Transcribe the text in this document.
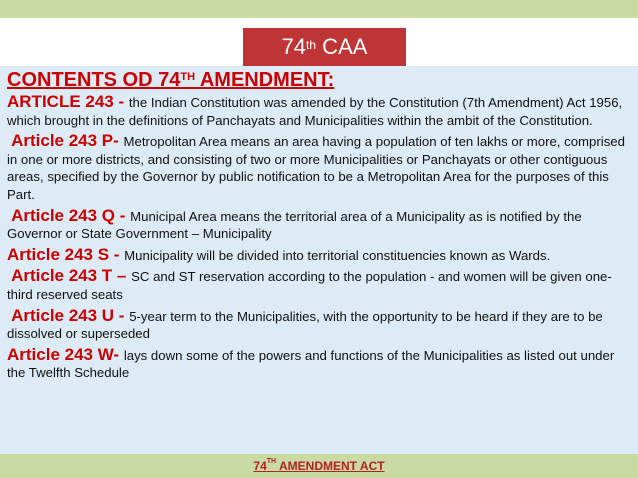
74th CAA
CONTENTS OD 74TH AMENDMENT:

ARTICLE 243 - the Indian Constitution was amended by the Constitution (7th Amendment) Act 1956, which brought in the definitions of Panchayats and Municipalities within the ambit of the Constitution.

Article 243 P- Metropolitan Area means an area having a population of ten lakhs or more, comprised in one or more districts, and consisting of two or more Municipalities or Panchayats or other contiguous areas, specified by the Governor by public notification to be a Metropolitan Area for the purposes of this Part.

Article 243 Q - Municipal Area means the territorial area of a Municipality as is notified by the Governor or State Government – Municipality

Article 243 S - Municipality will be divided into territorial constituencies known as Wards.

Article 243 T – SC and ST reservation according to the population - and women will be given one-third reserved seats

Article 243 U - 5-year term to the Municipalities, with the opportunity to be heard if they are to be dissolved or superseded

Article 243 W- lays down some of the powers and functions of the Municipalities as listed out under the Twelfth Schedule

74TH AMENDMENT ACT
